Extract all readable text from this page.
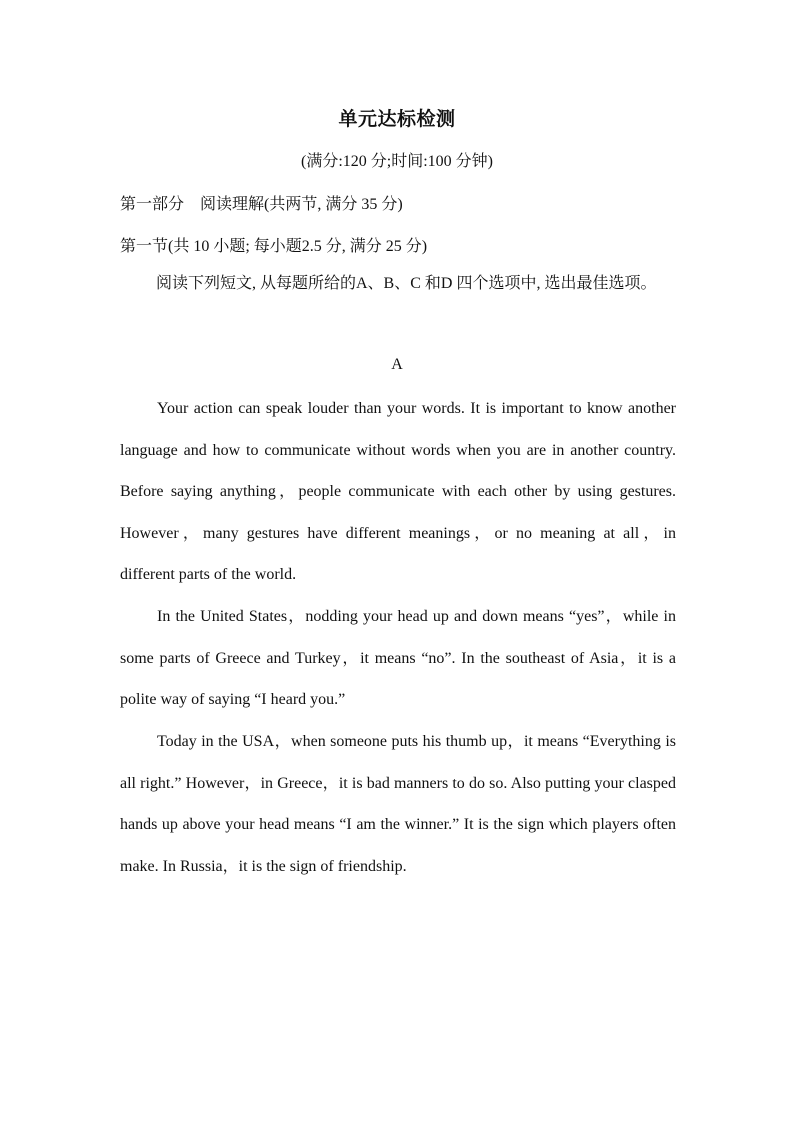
单元达标检测
(满分:120 分;时间:100 分钟)
第一部分　阅读理解(共两节, 满分 35 分)
第一节(共 10 小题; 每小题2.5 分, 满分 25 分)
阅读下列短文, 从每题所给的A、B、C 和D 四个选项中, 选出最佳选项。
A
Your action can speak louder than your words. It is important to know another language and how to communicate without words when you are in another country. Before saying anything，people communicate with each other by using gestures. However，many gestures have different meanings，or no meaning at all，in different parts of the world.
In the United States，nodding your head up and down means “yes”，while in some parts of Greece and Turkey，it means “no”. In the southeast of Asia，it is a polite way of saying “I heard you.”
Today in the USA，when someone puts his thumb up，it means “Everything is all right.” However，in Greece，it is bad manners to do so. Also putting your clasped hands up above your head means “I am the winner.” It is the sign which players often make. In Russia，it is the sign of friendship.
